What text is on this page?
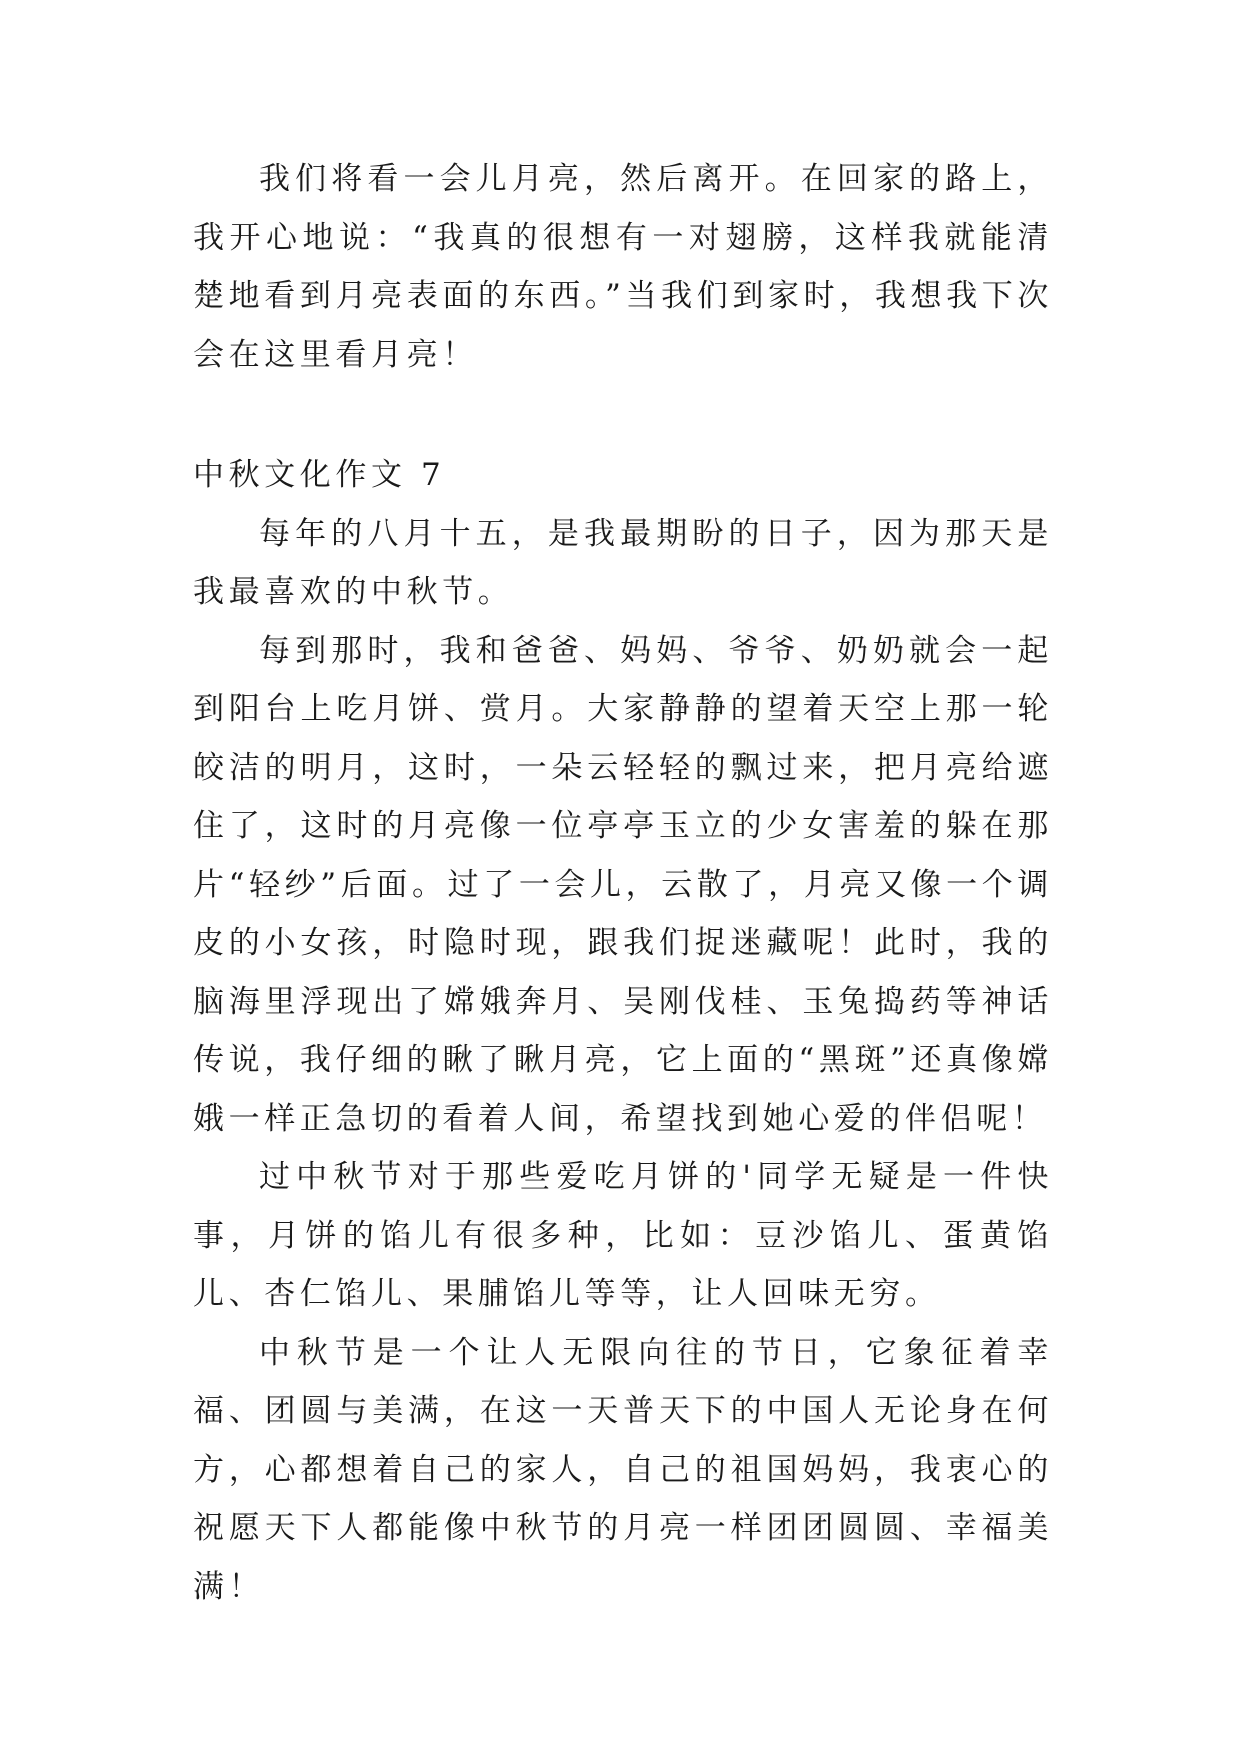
我们将看一会儿月亮，然后离开。在回家的路上，我开心地说：“我真的很想有一对翅膀，这样我就能清楚地看到月亮表面的东西。”当我们到家时，我想我下次会在这里看月亮！

中秋文化作文 7

每年的八月十五，是我最期盼的日子，因为那天是我最喜欢的中秋节。

每到那时，我和爸爸、妈妈、爷爷、奶奶就会一起到阳台上吃月饼、赏月。大家静静的望着天空上那一轮皎洁的明月，这时，一朵云轻轻的飘过来，把月亮给遮住了，这时的月亮像一位亭亭玉立的少女害羞的躲在那片“轻纱”后面。过了一会儿，云散了，月亮又像一个调皮的小女孩，时隐时现，跟我们捉迷藏呢！此时，我的脑海里浮现出了嫦娥奔月、吴刚伐桂、玉兔捣药等神话传说，我仔细的瞅了瞅月亮，它上面的“黑斑”还真像嫦娥一样正急切的看着人间，希望找到她心爱的伴侣呢！

过中秋节对于那些爱吃月饼的'同学无疑是一件快事，月饼的馅儿有很多种，比如：豆沙馅儿、蛋黄馅儿、杏仁馅儿、果脯馅儿等等，让人回味无穷。

中秋节是一个让人无限向往的节日，它象征着幸福、团圆与美满，在这一天普天下的中国人无论身在何方，心都想着自己的家人，自己的祖国妈妈，我衷心的祝愿天下人都能像中秋节的月亮一样团团圆圆、幸福美满！
